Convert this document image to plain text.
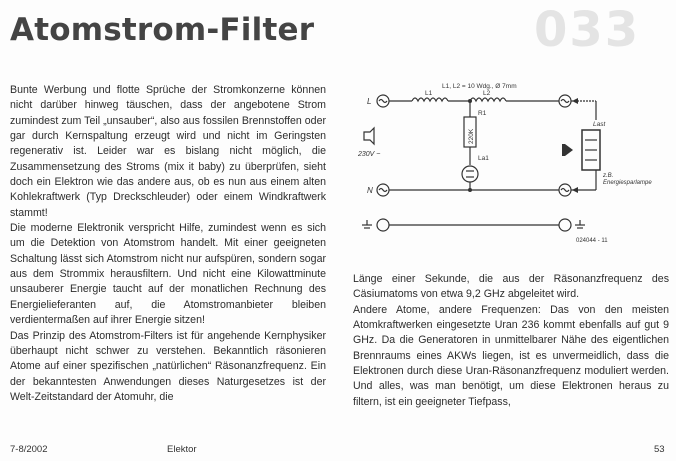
Atomstrom-Filter	033

Bunte Werbung und flotte Sprüche der Stromkonzerne können nicht darüber hinweg täuschen, dass der angebotene Strom zumindest zum Teil „unsauber“, also aus fossilen Brennstoffen oder gar durch Kernspaltung erzeugt wird und nicht im Geringsten regenerativ ist. Leider war es bislang nicht möglich, die Zusammensetzung des Stroms (mix it baby) zu überprüfen, sieht doch ein Elektron wie das andere aus, ob es nun aus einem alten Kohlekraftwerk (Typ Dreckschleuder) oder einem Windkraftwerk stammt!

Die moderne Elektronik verspricht Hilfe, zumindest wenn es sich um die Detektion von Atomstrom handelt. Mit einer geeigneten Schaltung lässt sich Atomstrom nicht nur aufspüren, sondern sogar aus dem Strommix herausfiltern. Und nicht eine Kilowattminute unsauberer Energie taucht auf der monatlichen Rechnung des Energielieferanten auf, die Atomstromanbieter bleiben verdientermaßen auf ihrer Energie sitzen!

Das Prinzip des Atomstrom-Filters ist für angehende Kernphysiker überhaupt nicht schwer zu verstehen. Bekanntlich räsonieren Atome auf einer spezifischen „natürlichen“ Räsonanzfrequenz. Ein der bekanntesten Anwendungen dieses Naturgesetzes ist der Welt-Zeitstandard der Atomuhr, die

L1, L2 = 10 Wdg., Ø 7mm
L1	L2
L
N
230V ~
R1
220K
La1
Last
z.B.
Energiesparlampe
024044 - 11

Länge einer Sekunde, die aus der Räsonanzfrequenz des Cäsiumatoms von etwa 9,2 GHz abgeleitet wird.

Andere Atome, andere Frequenzen: Das von den meisten Atomkraftwerken eingesetzte Uran 236 kommt ebenfalls auf gut 9 GHz. Da die Generatoren in unmittelbarer Nähe des eigentlichen Brennraums eines AKWs liegen, ist es unvermeidlich, dass die Elektronen durch diese Uran-Räsonanzfrequenz moduliert werden. Und alles, was man benötigt, um diese Elektronen heraus zu filtern, ist ein geeigneter Tiefpass,

7-8/2002	Elektor	53
